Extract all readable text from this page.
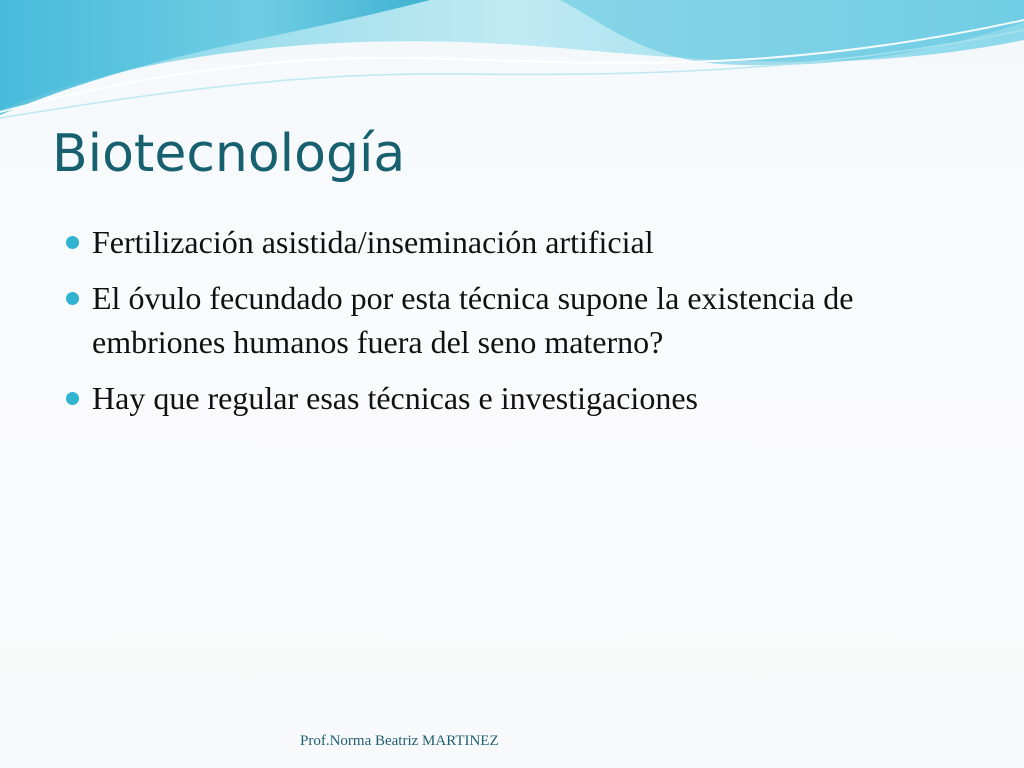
Biotecnología
Fertilización asistida/inseminación artificial
El óvulo fecundado por esta técnica supone la existencia de embriones humanos fuera del seno materno?
Hay que regular esas técnicas e investigaciones
Prof.Norma Beatriz MARTINEZ
